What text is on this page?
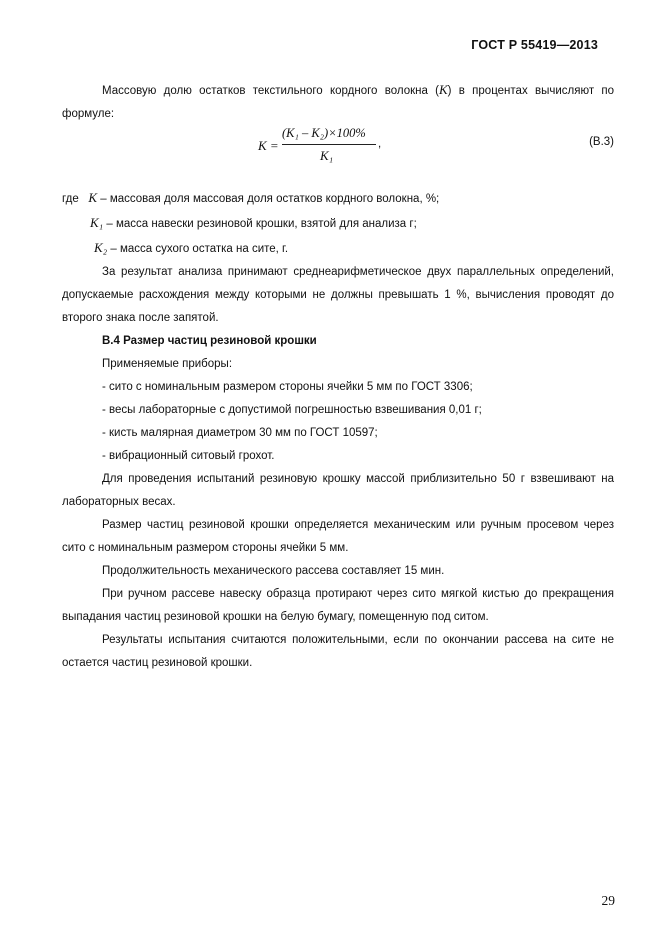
ГОСТ Р 55419—2013

Массовую долю остатков текстильного кордного волокна (K) в процентах вычисляют по формуле:

K =
(K₁ – K₂)×100%
K₁
,	(В.3)
где K – массовая доля массовая доля остатков кордного волокна, %;
K₁ – масса навески резиновой крошки, взятой для анализа г;
K₂ – масса сухого остатка на сите, г.

За результат анализа принимают среднеарифметическое двух параллельных определений, допускаемые расхождения между которыми не должны превышать 1 %, вычисления проводят до второго знака после запятой.

В.4 Размер частиц резиновой крошки
Применяемые приборы:
- сито с номинальным размером стороны ячейки 5 мм по ГОСТ 3306;
- весы лабораторные с допустимой погрешностью взвешивания 0,01 г;
- кисть малярная диаметром 30 мм по ГОСТ 10597;
- вибрационный ситовый грохот.

Для проведения испытаний резиновую крошку массой приблизительно 50 г взвешивают на лабораторных весах.

Размер частиц резиновой крошки определяется механическим или ручным просевом через сито с номинальным размером стороны ячейки 5 мм.

Продолжительность механического рассева составляет 15 мин.

При ручном рассеве навеску образца протирают через сито мягкой кистью до прекращения выпадания частиц резиновой крошки на белую бумагу, помещенную под ситом.

Результаты испытания считаются положительными, если по окончании рассева на сите не остается частиц резиновой крошки.

29
